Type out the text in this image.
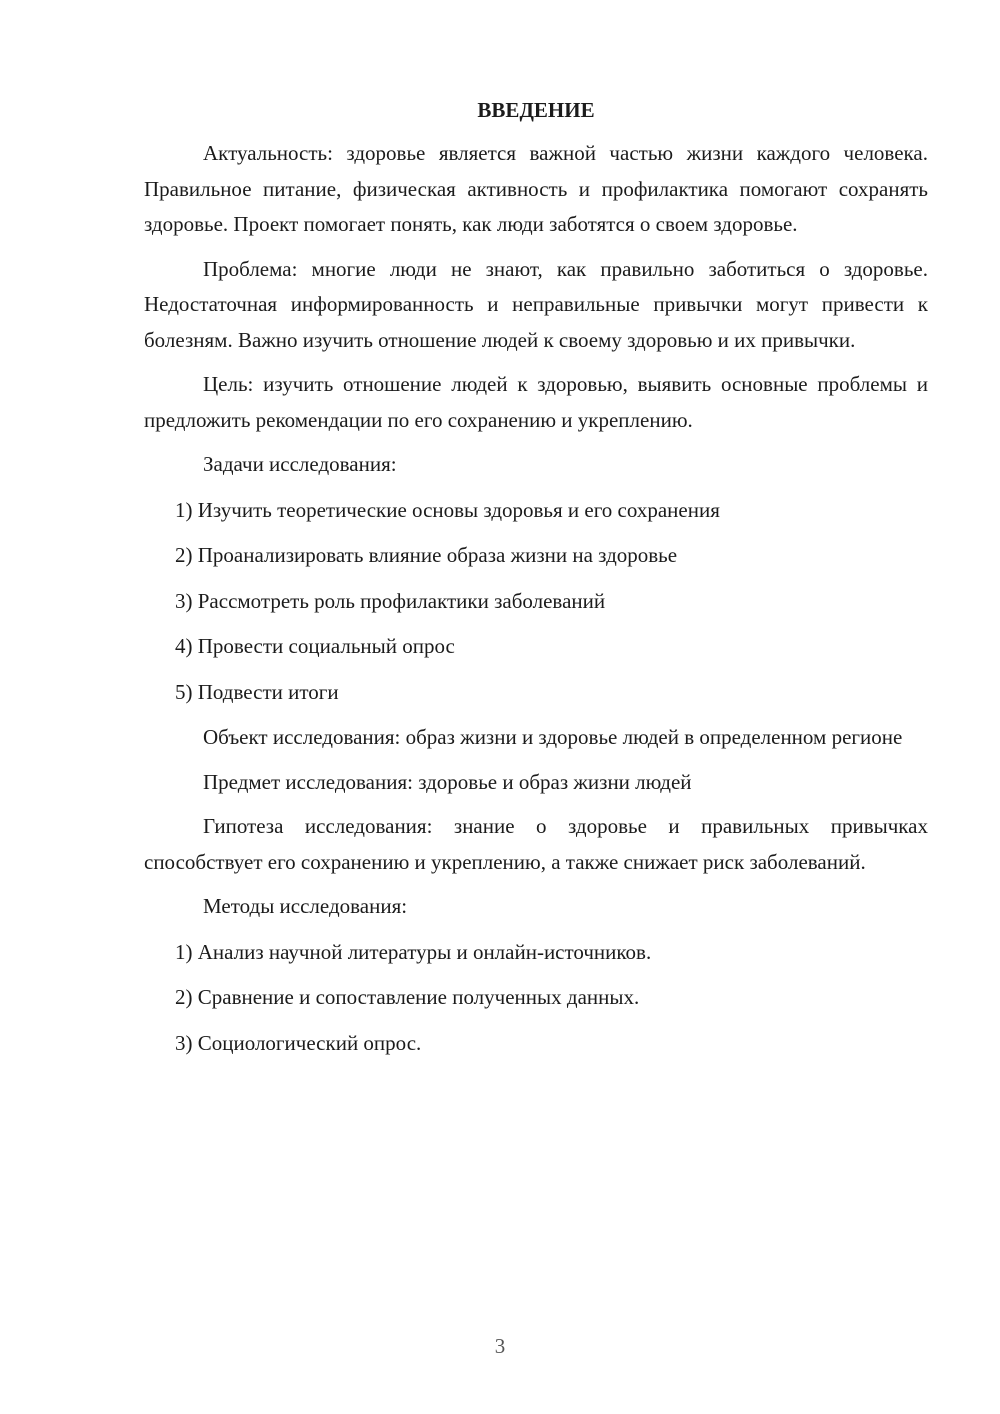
ВВЕДЕНИЕ

Актуальность: здоровье является важной частью жизни каждого человека. Правильное питание, физическая активность и профилактика помогают сохранять здоровье. Проект помогает понять, как люди заботятся о своем здоровье.

Проблема: многие люди не знают, как правильно заботиться о здоровье. Недостаточная информированность и неправильные привычки могут привести к болезням. Важно изучить отношение людей к своему здоровью и их привычки.

Цель: изучить отношение людей к здоровью, выявить основные проблемы и предложить рекомендации по его сохранению и укреплению.

Задачи исследования:

1) Изучить теоретические основы здоровья и его сохранения
2) Проанализировать влияние образа жизни на здоровье
3) Рассмотреть роль профилактики заболеваний
4) Провести социальный опрос
5) Подвести итоги

Объект исследования: образ жизни и здоровье людей в определенном регионе

Предмет исследования: здоровье и образ жизни людей

Гипотеза исследования: знание о здоровье и правильных привычках способствует его сохранению и укреплению, а также снижает риск заболеваний.

Методы исследования:

1) Анализ научной литературы и онлайн-источников.
2) Сравнение и сопоставление полученных данных.
3) Социологический опрос.
3
